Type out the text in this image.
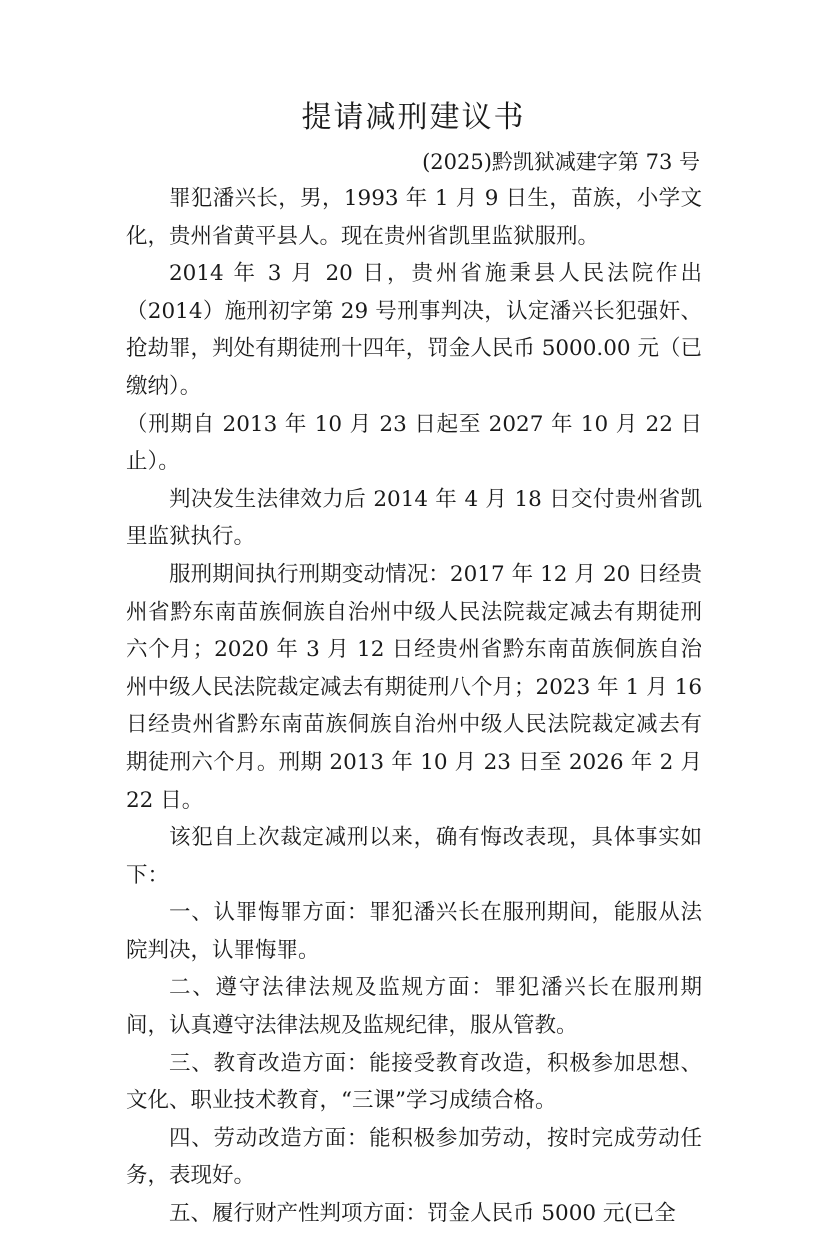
提请减刑建议书
(2025)黔凯狱减建字第 73 号

罪犯潘兴长，男，1993 年 1 月 9 日生，苗族，小学文化，贵州省黄平县人。现在贵州省凯里监狱服刑。

2014 年 3 月 20 日，贵州省施秉县人民法院作出（2014）施刑初字第 29 号刑事判决，认定潘兴长犯强奸、抢劫罪，判处有期徒刑十四年，罚金人民币 5000.00 元（已缴纳）。

（刑期自 2013 年 10 月 23 日起至 2027 年 10 月 22 日止）。

判决发生法律效力后 2014 年 4 月 18 日交付贵州省凯里监狱执行。

服刑期间执行刑期变动情况：2017 年 12 月 20 日经贵州省黔东南苗族侗族自治州中级人民法院裁定减去有期徒刑六个月；2020 年 3 月 12 日经贵州省黔东南苗族侗族自治州中级人民法院裁定减去有期徒刑八个月；2023 年 1 月 16 日经贵州省黔东南苗族侗族自治州中级人民法院裁定减去有期徒刑六个月。刑期 2013 年 10 月 23 日至 2026 年 2 月 22 日。

该犯自上次裁定减刑以来，确有悔改表现，具体事实如下：

一、认罪悔罪方面：罪犯潘兴长在服刑期间，能服从法院判决，认罪悔罪。

二、遵守法律法规及监规方面：罪犯潘兴长在服刑期间，认真遵守法律法规及监规纪律，服从管教。

三、教育改造方面：能接受教育改造，积极参加思想、文化、职业技术教育，“三课”学习成绩合格。

四、劳动改造方面：能积极参加劳动，按时完成劳动任务，表现好。

五、履行财产性判项方面：罚金人民币 5000 元(已全
